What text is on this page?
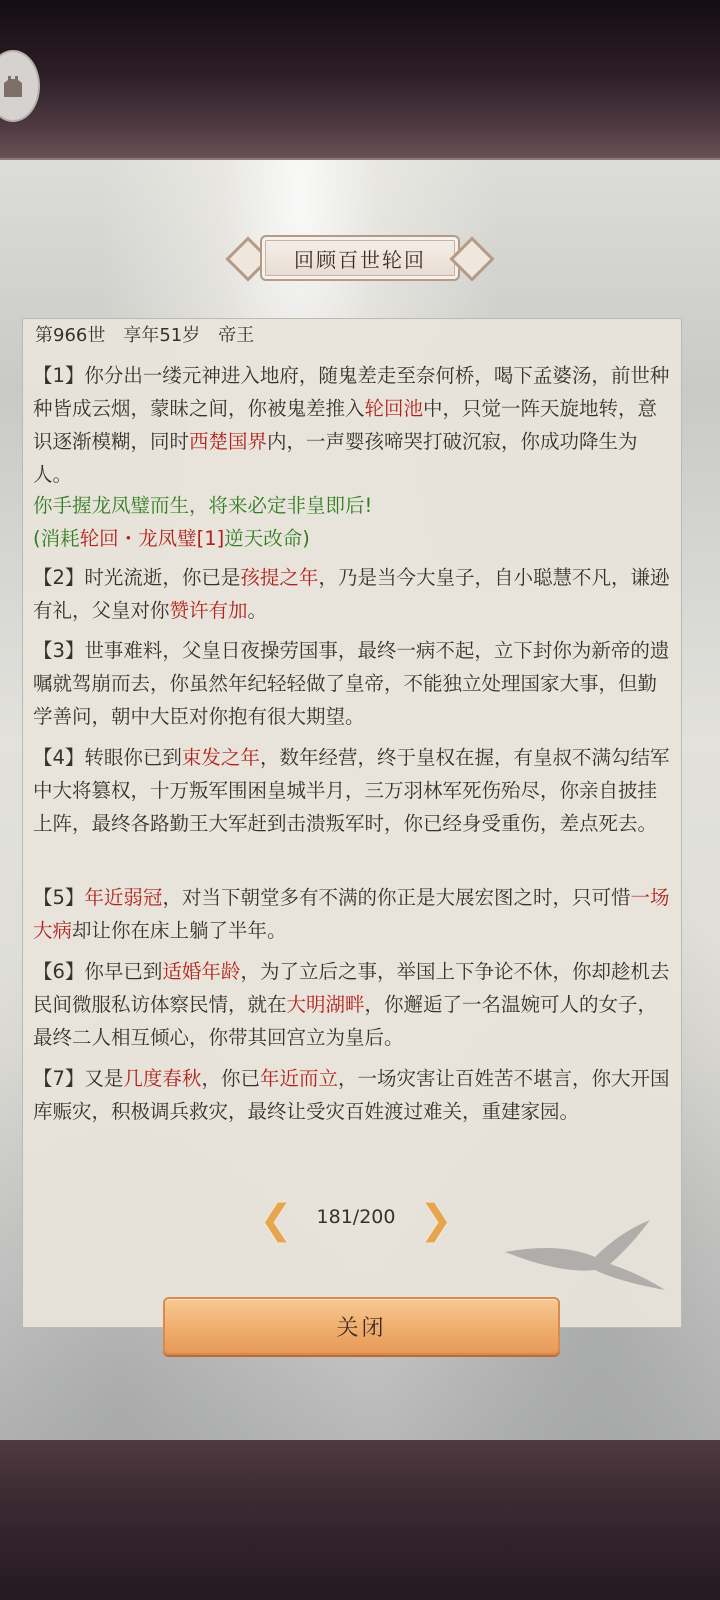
回顾百世轮回
第966世　享年51岁　帝王
【1】你分出一缕元神进入地府，随鬼差走至奈何桥，喝下孟婆汤，前世种种皆成云烟，蒙昧之间，你被鬼差推入轮回池中，只觉一阵天旋地转，意识逐渐模糊，同时西楚国界内，一声婴孩啼哭打破沉寂，你成功降生为人。
你手握龙凤璧而生，将来必定非皇即后!
(消耗轮回・龙凤璧[1]逆天改命)
【2】时光流逝，你已是孩提之年，乃是当今大皇子，自小聪慧不凡，谦逊有礼，父皇对你赞许有加。
【3】世事难料，父皇日夜操劳国事，最终一病不起，立下封你为新帝的遗嘱就驾崩而去，你虽然年纪轻轻做了皇帝，不能独立处理国家大事，但勤学善问，朝中大臣对你抱有很大期望。
【4】转眼你已到束发之年，数年经营，终于皇权在握，有皇叔不满勾结军中大将篡权，十万叛军围困皇城半月，三万羽林军死伤殆尽，你亲自披挂上阵，最终各路勤王大军赶到击溃叛军时，你已经身受重伤，差点死去。
【5】年近弱冠，对当下朝堂多有不满的你正是大展宏图之时，只可惜一场大病却让你在床上躺了半年。
【6】你早已到适婚年龄，为了立后之事，举国上下争论不休，你却趁机去民间微服私访体察民情，就在大明湖畔，你邂逅了一名温婉可人的女子，最终二人相互倾心，你带其回宫立为皇后。
【7】又是几度春秋，你已年近而立，一场灾害让百姓苦不堪言，你大开国库赈灾，积极调兵救灾，最终让受灾百姓渡过难关，重建家园。
❮	181/200 ❯
关闭
